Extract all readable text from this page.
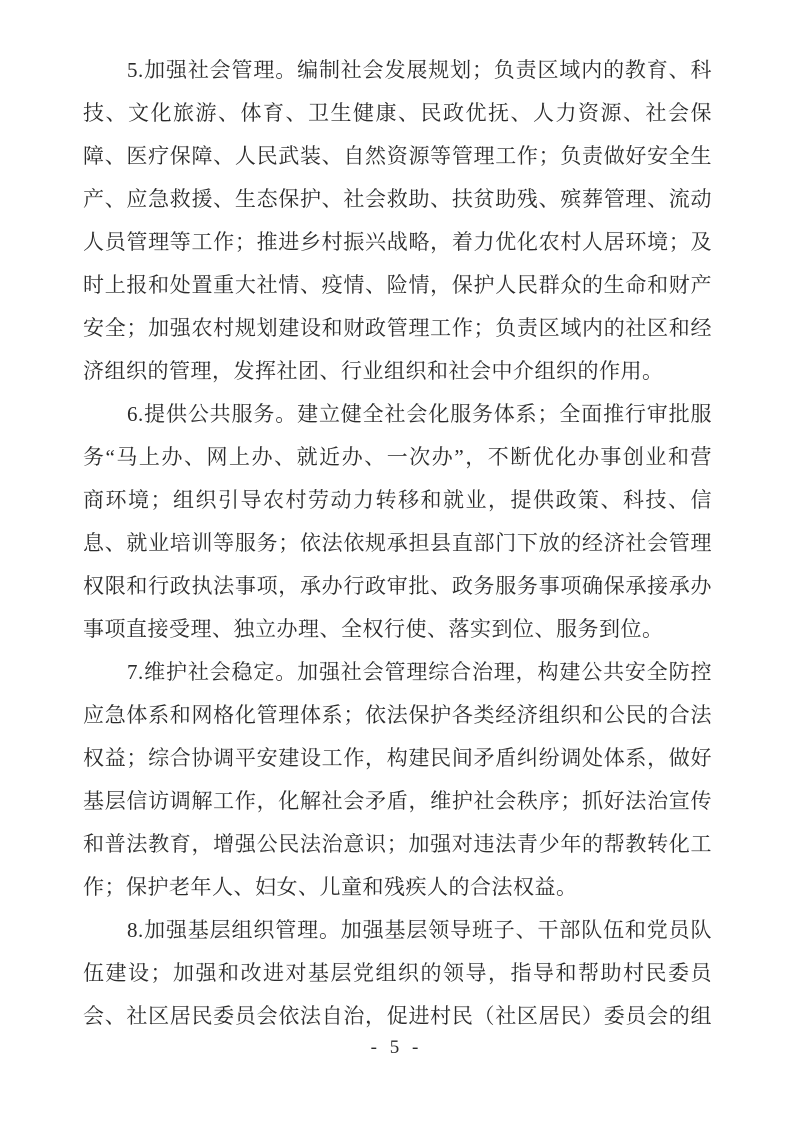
5.加强社会管理。编制社会发展规划；负责区域内的教育、科
技、文化旅游、体育、卫生健康、民政优抚、人力资源、社会保
障、医疗保障、人民武装、自然资源等管理工作；负责做好安全生
产、应急救援、生态保护、社会救助、扶贫助残、殡葬管理、流动
人员管理等工作；推进乡村振兴战略，着力优化农村人居环境；及
时上报和处置重大社情、疫情、险情，保护人民群众的生命和财产
安全；加强农村规划建设和财政管理工作；负责区域内的社区和经
济组织的管理，发挥社团、行业组织和社会中介组织的作用。
6.提供公共服务。建立健全社会化服务体系；全面推行审批服
务“马上办、网上办、就近办、一次办”，不断优化办事创业和营
商环境；组织引导农村劳动力转移和就业，提供政策、科技、信
息、就业培训等服务；依法依规承担县直部门下放的经济社会管理
权限和行政执法事项，承办行政审批、政务服务事项确保承接承办
事项直接受理、独立办理、全权行使、落实到位、服务到位。
7.维护社会稳定。加强社会管理综合治理，构建公共安全防控
应急体系和网格化管理体系；依法保护各类经济组织和公民的合法
权益；综合协调平安建设工作，构建民间矛盾纠纷调处体系，做好
基层信访调解工作，化解社会矛盾，维护社会秩序；抓好法治宣传
和普法教育，增强公民法治意识；加强对违法青少年的帮教转化工
作；保护老年人、妇女、儿童和残疾人的合法权益。
8.加强基层组织管理。加强基层领导班子、干部队伍和党员队
伍建设；加强和改进对基层党组织的领导，指导和帮助村民委员
会、社区居民委员会依法自治，促进村民（社区居民）委员会的组
- 5 -
